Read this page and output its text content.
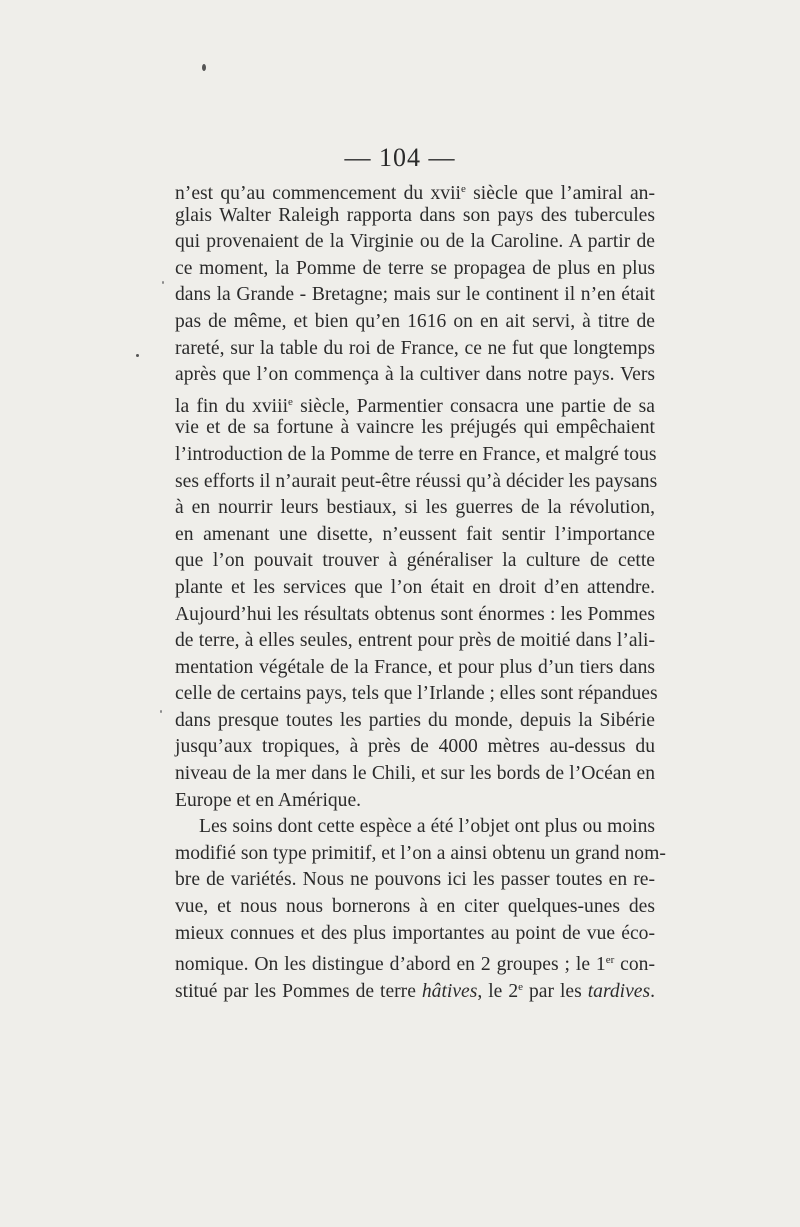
— 104 —
n’est qu’au commencement du xvii$^e$ siècle que l’amiral an-
glais Walter Raleigh rapporta dans son pays des tubercules
qui provenaient de la Virginie ou de la Caroline. A partir de
ce moment, la Pomme de terre se propagea de plus en plus
dans la Grande - Bretagne; mais sur le continent il n’en était
pas de même, et bien qu’en 1616 on en ait servi, à titre de
rareté, sur la table du roi de France, ce ne fut que longtemps
après que l’on commença à la cultiver dans notre pays. Vers
la fin du xviii$^e$ siècle, Parmentier consacra une partie de sa
vie et de sa fortune à vaincre les préjugés qui empêchaient
l’introduction de la Pomme de terre en France, et malgré tous
ses efforts il n’aurait peut-être réussi qu’à décider les paysans
à en nourrir leurs bestiaux, si les guerres de la révolution,
en amenant une disette, n’eussent fait sentir l’importance
que l’on pouvait trouver à généraliser la culture de cette
plante et les services que l’on était en droit d’en attendre.
Aujourd’hui les résultats obtenus sont énormes : les Pommes
de terre, à elles seules, entrent pour près de moitié dans l’ali-
mentation végétale de la France, et pour plus d’un tiers dans
celle de certains pays, tels que l’Irlande ; elles sont répandues
dans presque toutes les parties du monde, depuis la Sibérie
jusqu’aux tropiques, à près de 4000 mètres au-dessus du
niveau de la mer dans le Chili, et sur les bords de l’Océan en
Europe et en Amérique.
Les soins dont cette espèce a été l’objet ont plus ou moins
modifié son type primitif, et l’on a ainsi obtenu un grand nom-
bre de variétés. Nous ne pouvons ici les passer toutes en re-
vue, et nous nous bornerons à en citer quelques-unes des
mieux connues et des plus importantes au point de vue éco-
nomique. On les distingue d’abord en 2 groupes ; le 1er con-
stitué par les Pommes de terre hâtives, le 2e par les tardives.
